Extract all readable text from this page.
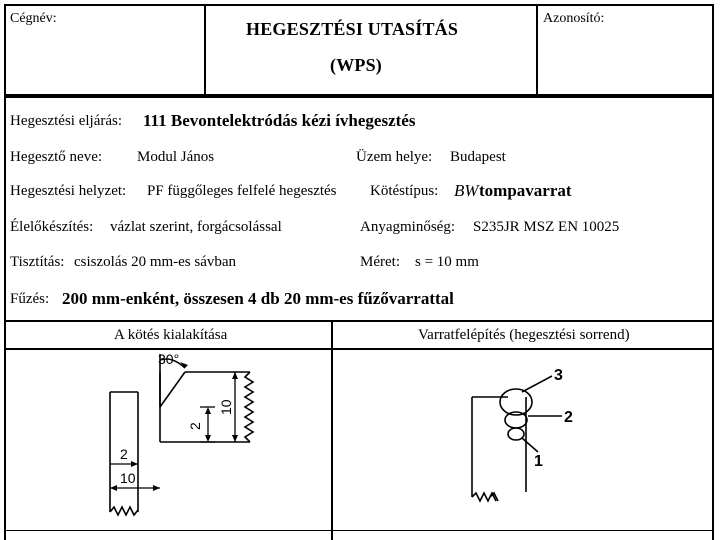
Cégnév:
HEGESZTÉSI UTASÍTÁS
(WPS)
Azonosító:
Hegesztési eljárás: 111 Bevontelektródás kézi ívhegesztés
Hegesztő neve: Modul János	Üzem helye: Budapest
Hegesztési helyzet: PF függőleges felfelé hegesztés Kötéstípus: BW tompavarrat
Élelőkészítés: vázlat szerint, forgácsolással	Anyagminőség: S235JR MSZ EN 10025
Tisztítás: csiszolás 20 mm-es sávban	Méret: s = 10 mm
Fűzés: 200 mm-enként, összesen 4 db 20 mm-es fűzővarrattal
A kötés kialakítása	Varratfelépítés (hegesztési sorrend)
30°
2
10
2
10
3
2
1
